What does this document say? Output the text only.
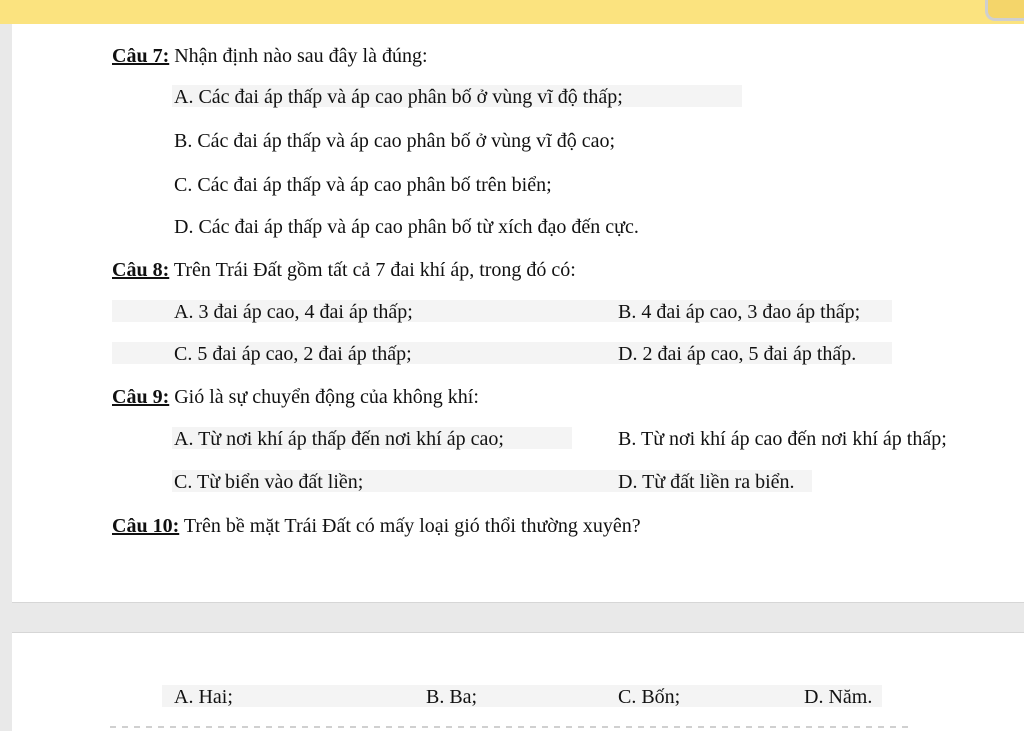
Câu 7: Nhận định nào sau đây là đúng:
A. Các đai áp thấp và áp cao phân bố ở vùng vĩ độ thấp;
B. Các đai áp thấp và áp cao phân bố ở vùng vĩ độ cao;
C. Các đai áp thấp và áp cao phân bố trên biển;
D. Các đai áp thấp và áp cao phân bố từ xích đạo đến cực.
Câu 8: Trên Trái Đất gồm tất cả 7 đai khí áp, trong đó có:
A. 3 đai áp cao, 4 đai áp thấp;	B. 4 đai áp cao, 3 đao áp thấp;
C. 5 đai áp cao, 2 đai áp thấp;	D. 2 đai áp cao, 5 đai áp thấp.
Câu 9: Gió là sự chuyển động của không khí:
A. Từ nơi khí áp thấp đến nơi khí áp cao;	B. Từ nơi khí áp cao đến nơi khí áp thấp;
C. Từ biển vào đất liền;	D. Từ đất liền ra biển.
Câu 10: Trên bề mặt Trái Đất có mấy loại gió thổi thường xuyên?
A. Hai;	B. Ba;	C. Bốn;	D. Năm.
